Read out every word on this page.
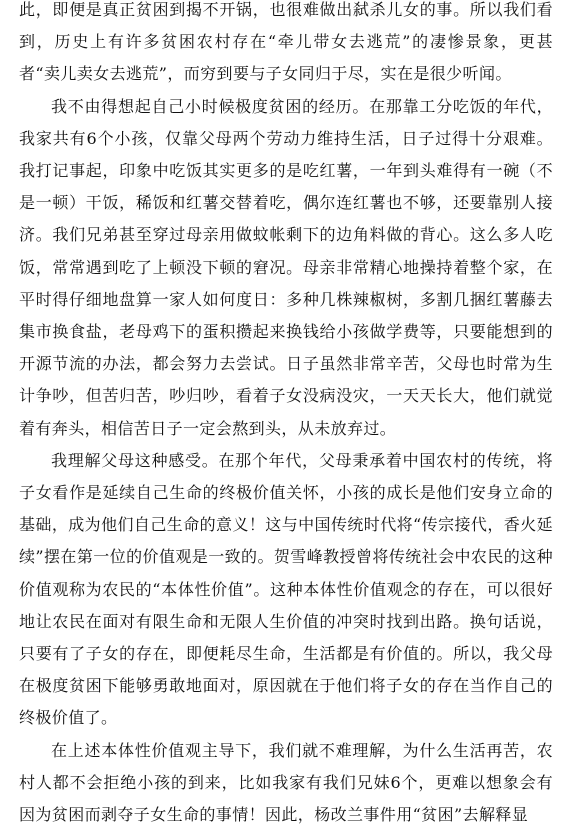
此，即便是真正贫困到揭不开锅，也很难做出弑杀儿女的事。所以我们看到，历史上有许多贫困农村存在“牵儿带女去逃荒”的凄惨景象，更甚者“卖儿卖女去逃荒”，而穷到要与子女同归于尽，实在是很少听闻。

我不由得想起自己小时候极度贫困的经历。在那靠工分吃饭的年代，我家共有6个小孩，仅靠父母两个劳动力维持生活，日子过得十分艰难。我打记事起，印象中吃饭其实更多的是吃红薯，一年到头难得有一碗（不是一顿）干饭，稀饭和红薯交替着吃，偶尔连红薯也不够，还要靠别人接济。我们兄弟甚至穿过母亲用做蚊帐剩下的边角料做的背心。这么多人吃饭，常常遇到吃了上顿没下顿的窘况。母亲非常精心地操持着整个家，在平时得仔细地盘算一家人如何度日：多种几株辣椒树，多割几捆红薯藤去集市换食盐，老母鸡下的蛋积攒起来换钱给小孩做学费等，只要能想到的开源节流的办法，都会努力去尝试。日子虽然非常辛苦，父母也时常为生计争吵，但苦归苦，吵归吵，看着子女没病没灾，一天天长大，他们就觉着有奔头，相信苦日子一定会熬到头，从未放弃过。

我理解父母这种感受。在那个年代，父母秉承着中国农村的传统，将子女看作是延续自己生命的终极价值关怀，小孩的成长是他们安身立命的基础，成为他们自己生命的意义！这与中国传统时代将“传宗接代，香火延续”摆在第一位的价值观是一致的。贺雪峰教授曾将传统社会中农民的这种价值观称为农民的“本体性价值”。这种本体性价值观念的存在，可以很好地让农民在面对有限生命和无限人生价值的冲突时找到出路。换句话说，只要有了子女的存在，即便耗尽生命，生活都是有价值的。所以，我父母在极度贫困下能够勇敢地面对，原因就在于他们将子女的存在当作自己的终极价值了。

在上述本体性价值观主导下，我们就不难理解，为什么生活再苦，农村人都不会拒绝小孩的到来，比如我家有我们兄妹6个，更难以想象会有因为贫困而剥夺子女生命的事情！因此，杨改兰事件用“贫困”去解释显
